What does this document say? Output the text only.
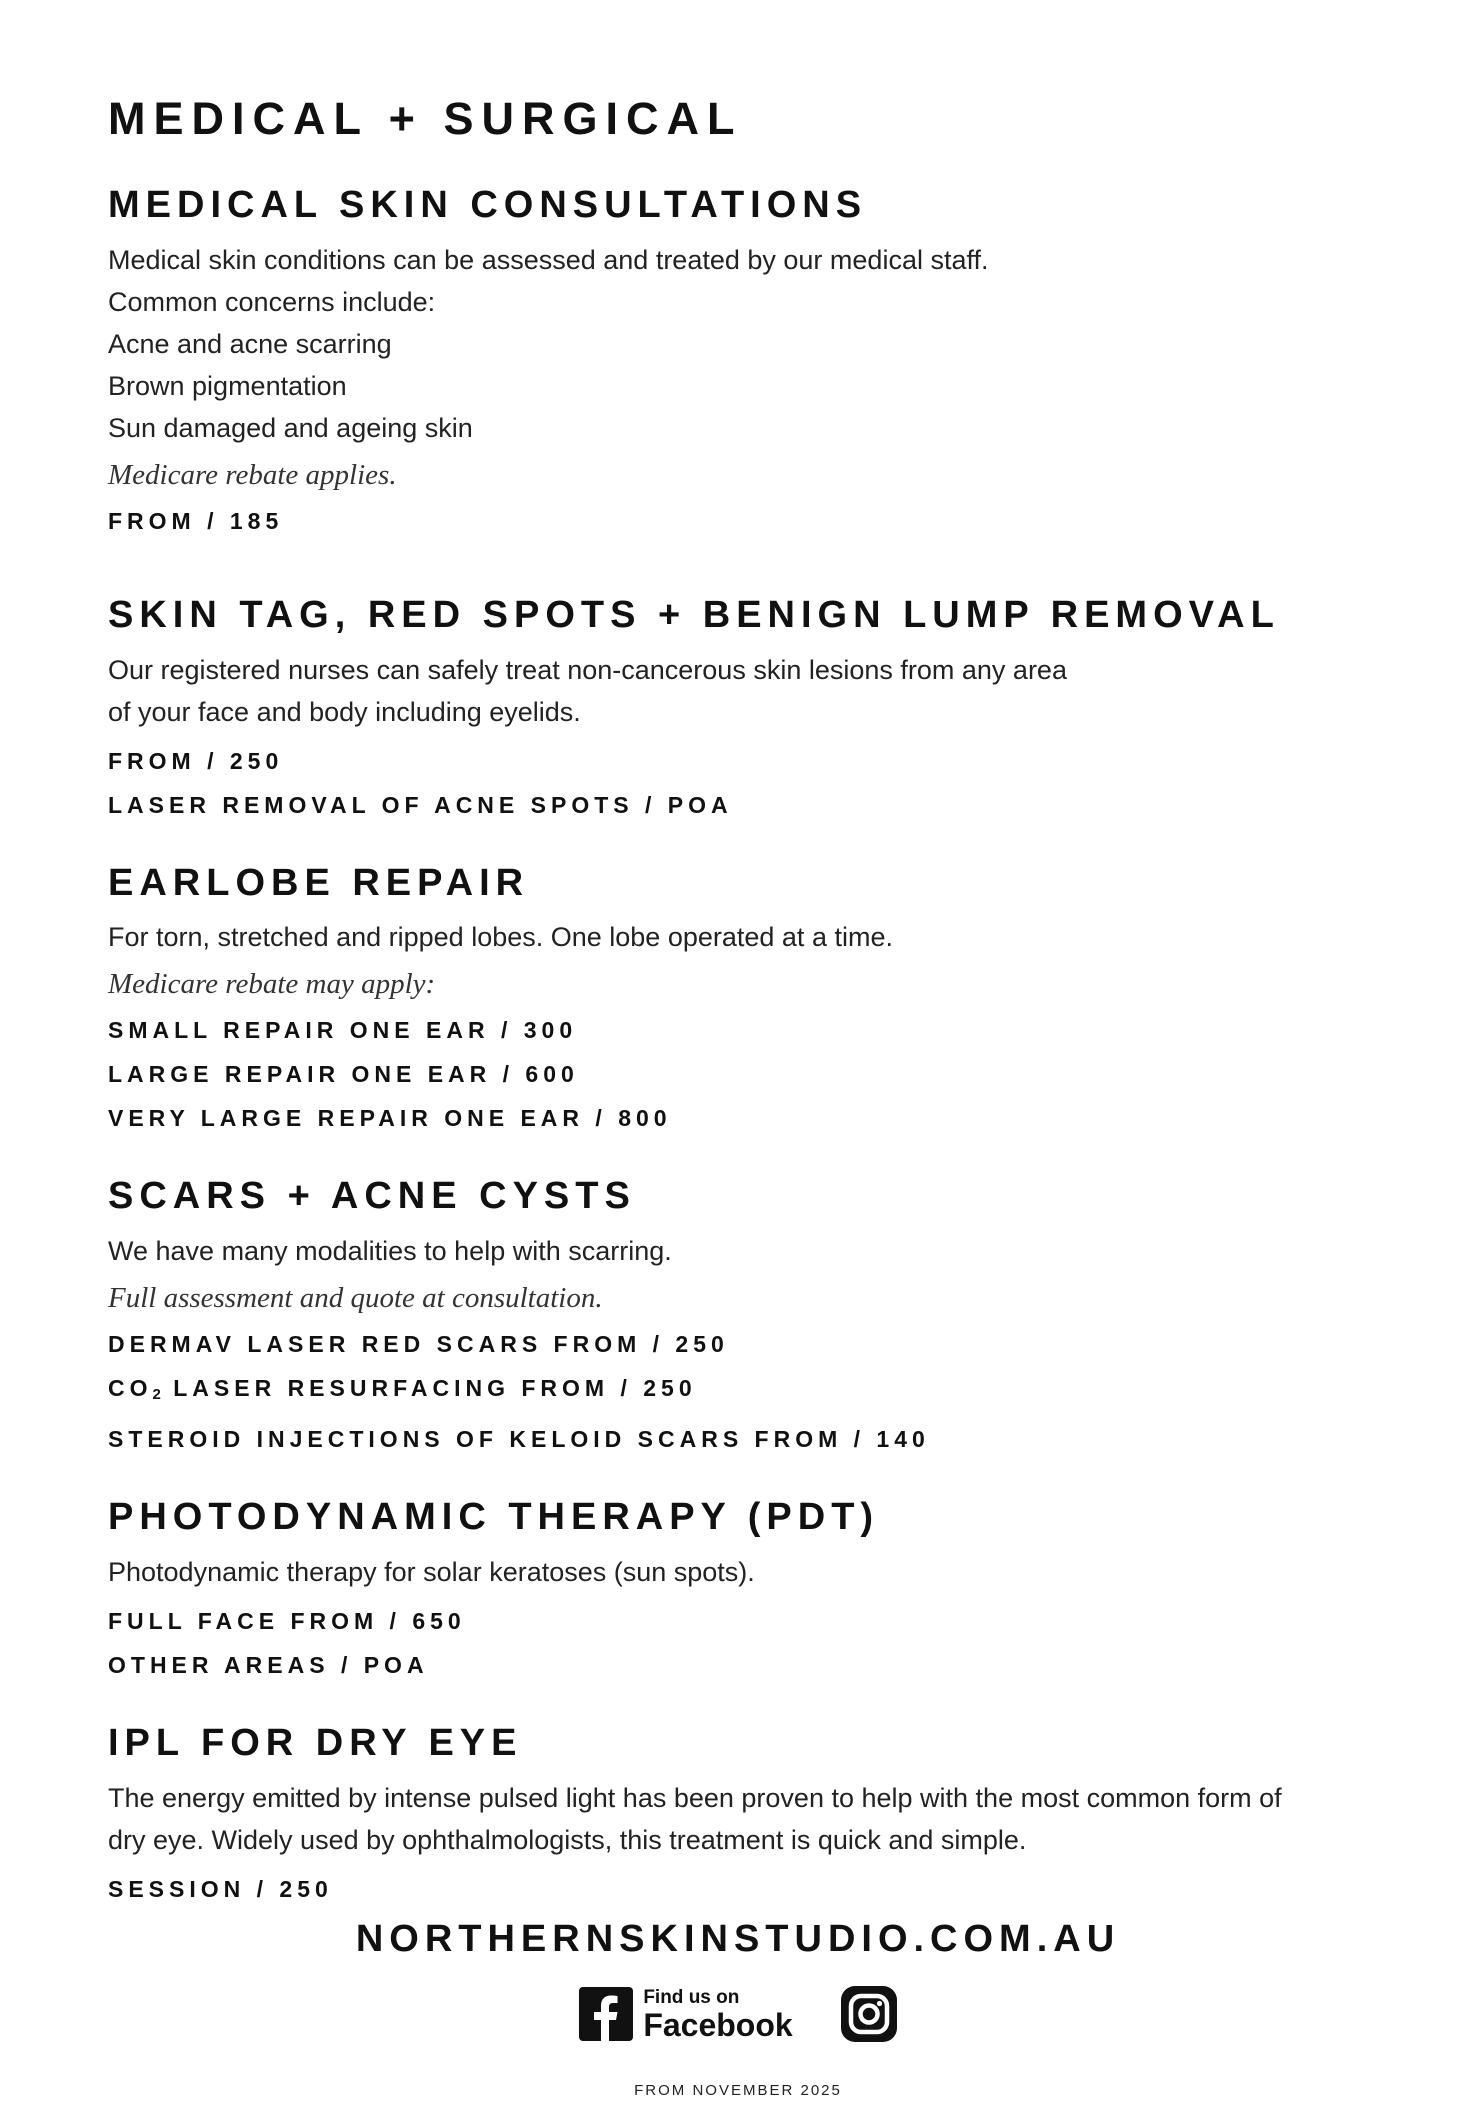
MEDICAL + SURGICAL
MEDICAL SKIN CONSULTATIONS

Medical skin conditions can be assessed and treated by our medical staff.

Common concerns include:

Acne and acne scarring

Brown pigmentation

Sun damaged and ageing skin

Medicare rebate applies.

FROM / 185

SKIN TAG, RED SPOTS + BENIGN LUMP REMOVAL

Our registered nurses can safely treat non-cancerous skin lesions from any area

of your face and body including eyelids.

FROM / 250

LASER REMOVAL OF ACNE SPOTS / POA

EARLOBE REPAIR

For torn, stretched and ripped lobes. One lobe operated at a time.

Medicare rebate may apply:

SMALL REPAIR ONE EAR / 300

LARGE REPAIR ONE EAR / 600

VERY LARGE REPAIR ONE EAR / 800

SCARS + ACNE CYSTS

We have many modalities to help with scarring.

Full assessment and quote at consultation.

DERMAV LASER RED SCARS FROM / 250

$CO_2$ LASER RESURFACING FROM / 250

STEROID INJECTIONS OF KELOID SCARS FROM / 140

PHOTODYNAMIC THERAPY (PDT)

Photodynamic therapy for solar keratoses (sun spots).

FULL FACE FROM / 650

OTHER AREAS / POA

IPL FOR DRY EYE

The energy emitted by intense pulsed light has been proven to help with the most common form of

dry eye. Widely used by ophthalmologists, this treatment is quick and simple.

SESSION / 250

NORTHERNSKINSTUDIO.COM.AU

Find us on
Facebook

FROM NOVEMBER 2025
